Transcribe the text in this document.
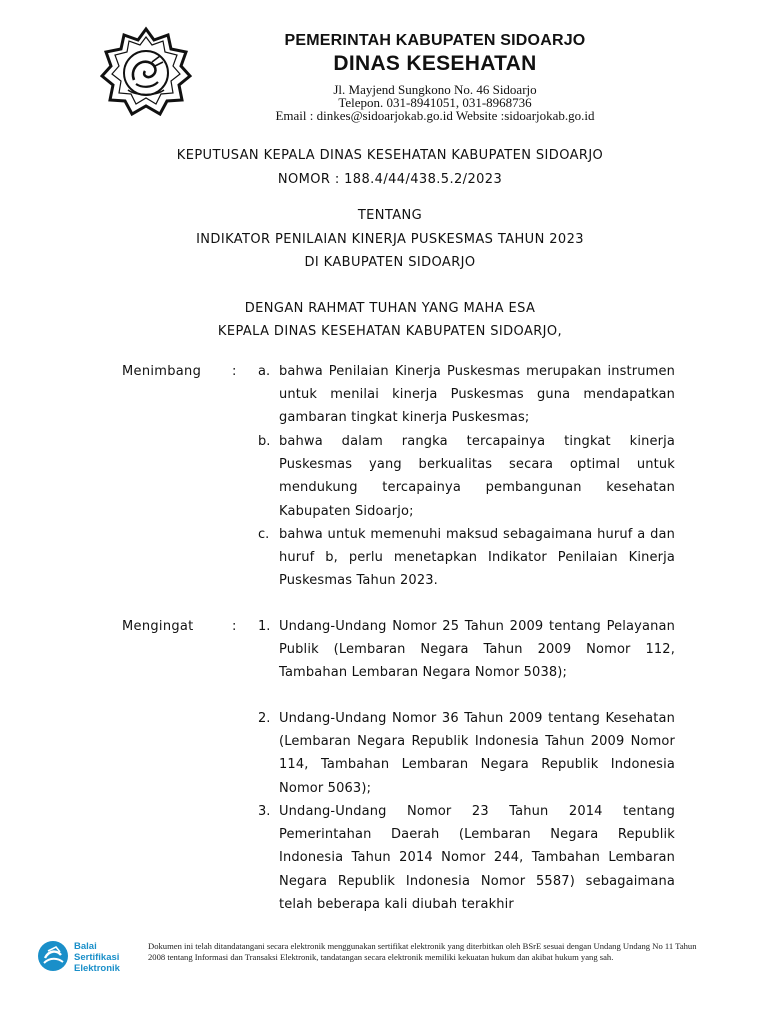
PEMERINTAH KABUPATEN SIDOARJO
DINAS KESEHATAN
Jl. Mayjend Sungkono No. 46 Sidoarjo
Telepon. 031-8941051, 031-8968736
Email : dinkes@sidoarjokab.go.id Website :sidoarjokab.go.id
KEPUTUSAN KEPALA DINAS KESEHATAN KABUPATEN SIDOARJO
NOMOR : 188.4/44/438.5.2/2023
TENTANG
INDIKATOR PENILAIAN KINERJA PUSKESMAS TAHUN 2023
DI KABUPATEN SIDOARJO
DENGAN RAHMAT TUHAN YANG MAHA ESA
KEPALA DINAS KESEHATAN KABUPATEN SIDOARJO,
Menimbang : a. bahwa Penilaian Kinerja Puskesmas merupakan instrumen untuk menilai kinerja Puskesmas guna mendapatkan gambaran tingkat kinerja Puskesmas;

b. bahwa dalam rangka tercapainya tingkat kinerja Puskesmas yang berkualitas secara optimal untuk mendukung tercapainya pembangunan kesehatan Kabupaten Sidoarjo;

c. bahwa untuk memenuhi maksud sebagaimana huruf a dan huruf b, perlu menetapkan Indikator Penilaian Kinerja Puskesmas Tahun 2023.

Mengingat	: 1. Undang-Undang Nomor 25 Tahun 2009 tentang Pelayanan Publik (Lembaran Negara Tahun 2009 Nomor 112, Tambahan Lembaran Negara Nomor 5038);

2. Undang-Undang Nomor 36 Tahun 2009 tentang Kesehatan (Lembaran Negara Republik Indonesia Tahun 2009 Nomor 114, Tambahan Lembaran Negara Republik Indonesia Nomor 5063);

3. Undang-Undang Nomor 23 Tahun 2014 tentang Pemerintahan Daerah (Lembaran Negara Republik Indonesia Tahun 2014 Nomor 244, Tambahan Lembaran Negara Republik Indonesia Nomor 5587) sebagaimana telah beberapa kali diubah terakhir

Balai
Sertifikasi
Elektronik
Dokumen ini telah ditandatangani secara elektronik menggunakan sertifikat elektronik yang diterbitkan oleh BSrE sesuai dengan Undang Undang No 11 Tahun 2008 tentang Informasi dan Transaksi Elektronik, tandatangan secara elektronik memiliki kekuatan hukum dan akibat hukum yang sah.
